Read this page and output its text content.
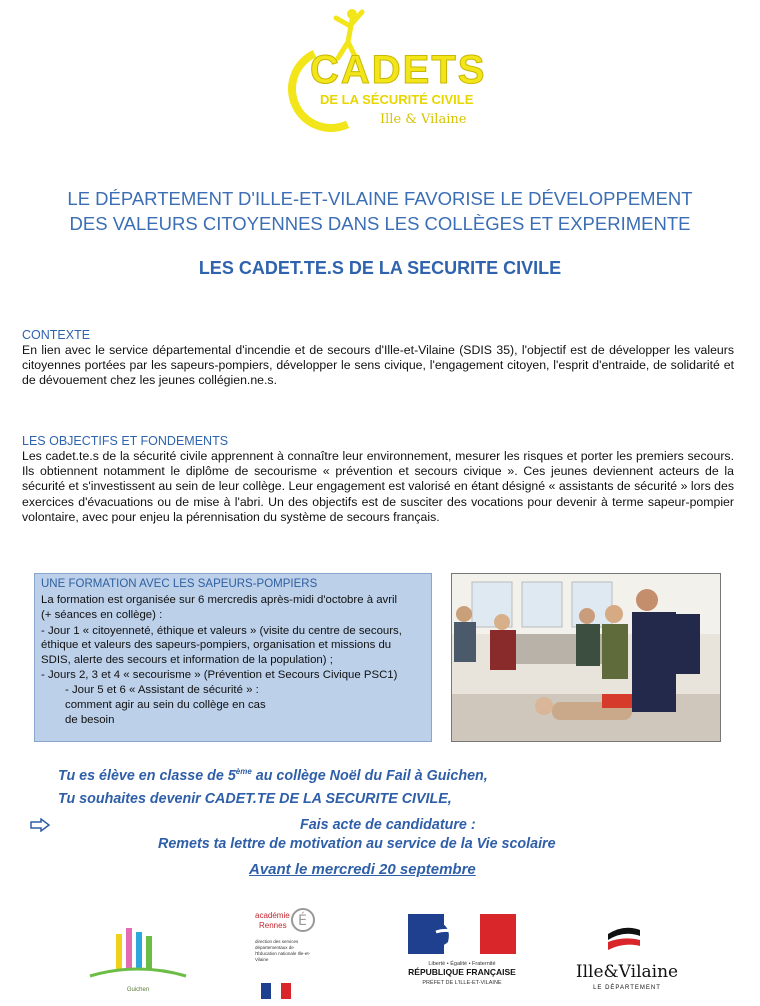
CADETS
DE LA SÉCURITÉ CIVILE
Ille & Vilaine
LE DÉPARTEMENT D'ILLE-ET-VILAINE FAVORISE LE DÉVELOPPEMENT
DES VALEURS CITOYENNES DANS LES COLLÈGES ET EXPERIMENTE
LES CADET.TE.S DE LA SECURITE CIVILE
CONTEXTE
En lien avec le service départemental d'incendie et de secours d'Ille-et-Vilaine (SDIS 35), l'objectif est de développer les valeurs citoyennes portées par les sapeurs-pompiers, développer le sens civique, l'engagement citoyen, l'esprit d'entraide, de solidarité et de dévouement chez les jeunes collégien.ne.s.
LES OBJECTIFS ET FONDEMENTS
Les cadet.te.s de la sécurité civile apprennent à connaître leur environnement, mesurer les risques et porter les premiers secours. Ils obtiennent notamment le diplôme de secourisme « prévention et secours civique ». Ces jeunes deviennent acteurs de la sécurité et s'investissent au sein de leur collège. Leur engagement est valorisé en étant désigné « assistants de sécurité » lors des exercices d'évacuations ou de mise à l'abri. Un des objectifs est de susciter des vocations pour devenir à terme sapeur-pompier volontaire, avec pour enjeu la pérennisation du système de secours français.
UNE FORMATION AVEC LES SAPEURS-POMPIERS
La formation est organisée sur 6 mercredis après-midi d'octobre à avril
(+ séances en collège) :
- Jour 1 « citoyenneté, éthique et valeurs » (visite du centre de secours,
éthique et valeurs des sapeurs-pompiers, organisation et missions du
SDIS, alerte des secours et information de la population) ;
- Jours 2, 3 et 4 « secourisme » (Prévention et Secours Civique PSC1)
- Jour 5 et 6 « Assistant de sécurité » :
comment agir au sein du collège en cas
de besoin
Tu es élève en classe de 5ème au collège Noël du Fail à Guichen,
Tu souhaites devenir CADET.TE DE LA SECURITE CIVILE,
Fais acte de candidature :
Remets ta lettre de motivation au service de la Vie scolaire
Avant le mercredi 20 septembre
Guichen
académie
Rennes É
direction des services départementaux de l'Éducation nationale Ille-et-Vilaine
Liberté • Égalité • Fraternité
RÉPUBLIQUE FRANÇAISE
PRÉFET DE L'ILLE-ET-VILAINE
Ille&Vilaine
LE DÉPARTEMENT
